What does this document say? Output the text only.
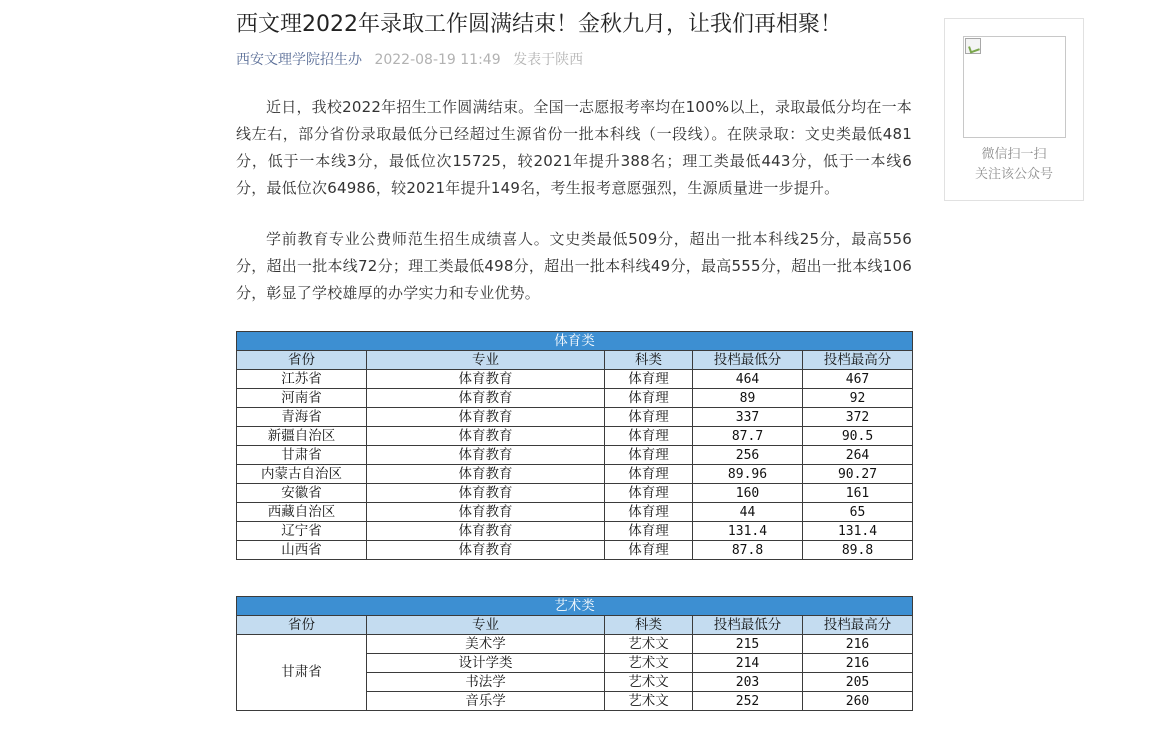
西文理2022年录取工作圆满结束！金秋九月，让我们再相聚！
西安文理学院招生办 2022-08-19 11:49 发表于陕西

近日，我校2022年招生工作圆满结束。全国一志愿报考率均在100%以上，录取最低分均在一本线左右，部分省份录取最低分已经超过生源省份一批本科线（一段线）。在陕录取：文史类最低481分，低于一本线3分，最低位次15725，较2021年提升388名；理工类最低443分，低于一本线6分，最低位次64986，较2021年提升149名，考生报考意愿强烈，生源质量进一步提升。

学前教育专业公费师范生招生成绩喜人。文史类最低509分，超出一批本科线25分，最高556分，超出一批本线72分；理工类最低498分，超出一批本科线49分，最高555分，超出一批本线106分，彰显了学校雄厚的办学实力和专业优势。

体育类				
省份	专业	科类	投档最低分	投档最高分
江苏省	体育教育	体育理	464	467
河南省	体育教育	体育理	89	92
青海省	体育教育	体育理	337	372
新疆自治区	体育教育	体育理	87.7	90.5
甘肃省	体育教育	体育理	256	264
内蒙古自治区	体育教育	体育理	89.96	90.27
安徽省	体育教育	体育理	160	161
西藏自治区	体育教育	体育理	44	65
辽宁省	体育教育	体育理	131.4	131.4
山西省	体育教育	体育理	87.8	89.8
艺术类				
省份	专业	科类	投档最低分	投档最高分
甘肃省	美术学	艺术文	215	216
	设计学类	艺术文	214	216
	书法学	艺术文	203	205
	音乐学	艺术文	252	260
微信扫一扫
关注该公众号
